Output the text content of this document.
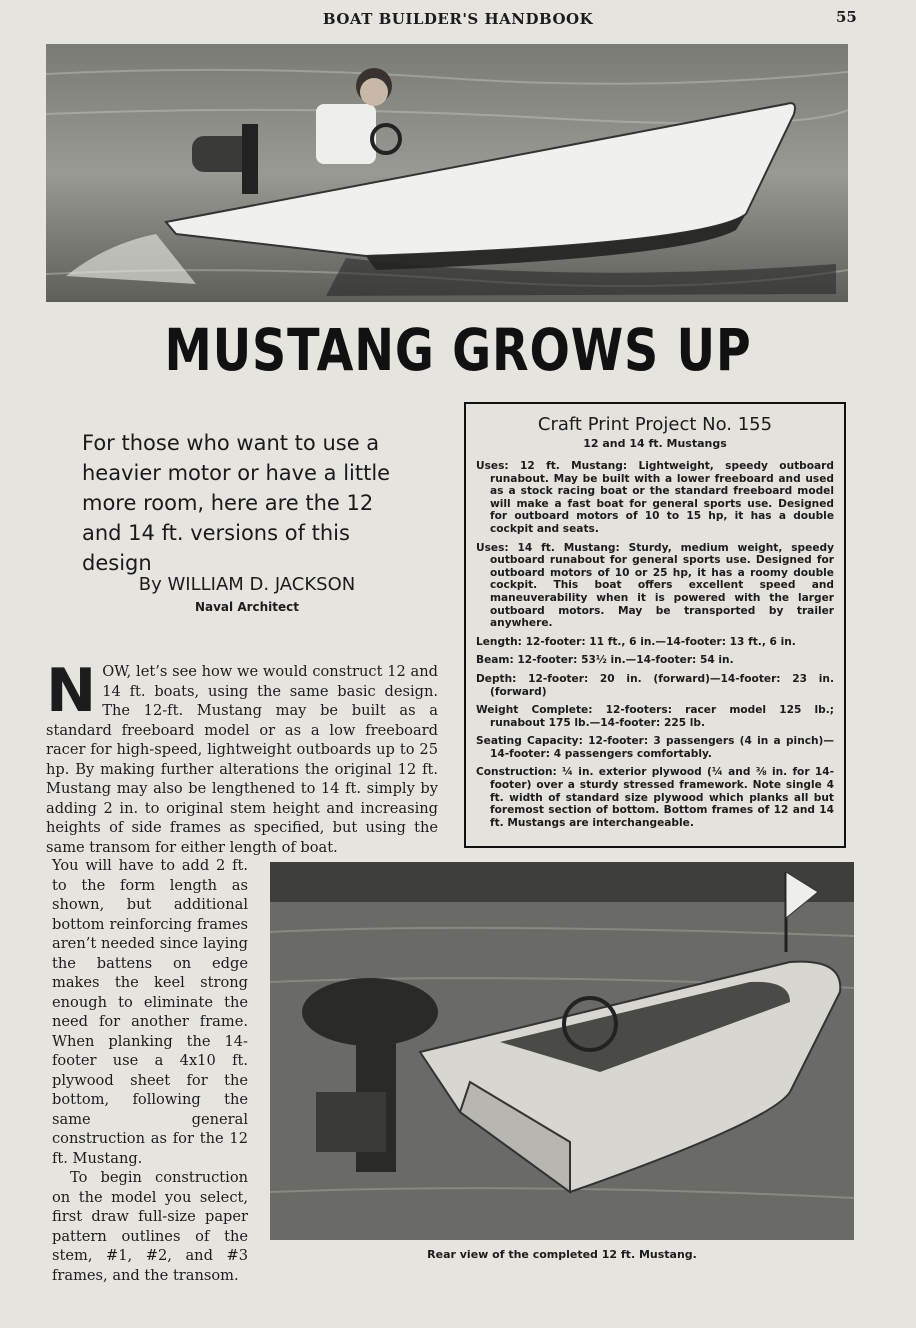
BOAT BUILDER'S HANDBOOK	55
MUSTANG GROWS UP
For those who want to use a heavier motor or have a little more room, here are the 12 and 14 ft. versions of this design
By WILLIAM D. JACKSON
Naval Architect
Craft Print Project No. 155
12 and 14 ft. Mustangs
Uses: 12 ft. Mustang: Lightweight, speedy outboard runabout. May be built with a lower freeboard and used as a stock racing boat or the standard freeboard model will make a fast boat for general sports use. Designed for outboard motors of 10 to 15 hp, it has a double cockpit and seats.
Uses: 14 ft. Mustang: Sturdy, medium weight, speedy outboard runabout for general sports use. Designed for outboard motors of 10 or 25 hp, it has a roomy double cockpit. This boat offers excellent speed and maneuverability when it is powered with the larger outboard motors. May be transported by trailer anywhere.
Length: 12-footer: 11 ft., 6 in.—14-footer: 13 ft., 6 in.
Beam: 12-footer: 53½ in.—14-footer: 54 in.
Depth: 12-footer: 20 in. (forward)—14-footer: 23 in. (forward)
Weight Complete: 12-footers: racer model 125 lb.; runabout 175 lb.—14-footer: 225 lb.
Seating Capacity: 12-footer: 3 passengers (4 in a pinch)—14-footer: 4 passengers comfortably.
Construction: ¼ in. exterior plywood (¼ and ⅜ in. for 14-footer) over a sturdy stressed framework. Note single 4 ft. width of standard size plywood which planks all but foremost section of bottom. Bottom frames of 12 and 14 ft. Mustangs are interchangeable.
NOW, let’s see how we would construct 12 and 14 ft. boats, using the same basic design. The 12-ft. Mustang may be built as a standard freeboard model or as a low freeboard racer for high-speed, lightweight outboards up to 25 hp. By making further alterations the original 12 ft. Mustang may also be lengthened to 14 ft. simply by adding 2 in. to original stem height and increasing heights of side frames as specified, but using the same transom for either length of boat.

You will have to add 2 ft. to the form length as shown, but additional bottom reinforcing frames aren’t needed since laying the battens on edge makes the keel strong enough to eliminate the need for another frame. When planking the 14-footer use a 4x10 ft. plywood sheet for the bottom, following the same general construction as for the 12 ft. Mustang.

To begin construction on the model you select, first draw full-size paper pattern outlines of the stem, #1, #2, and #3 frames, and the transom.

Rear view of the completed 12 ft. Mustang.
